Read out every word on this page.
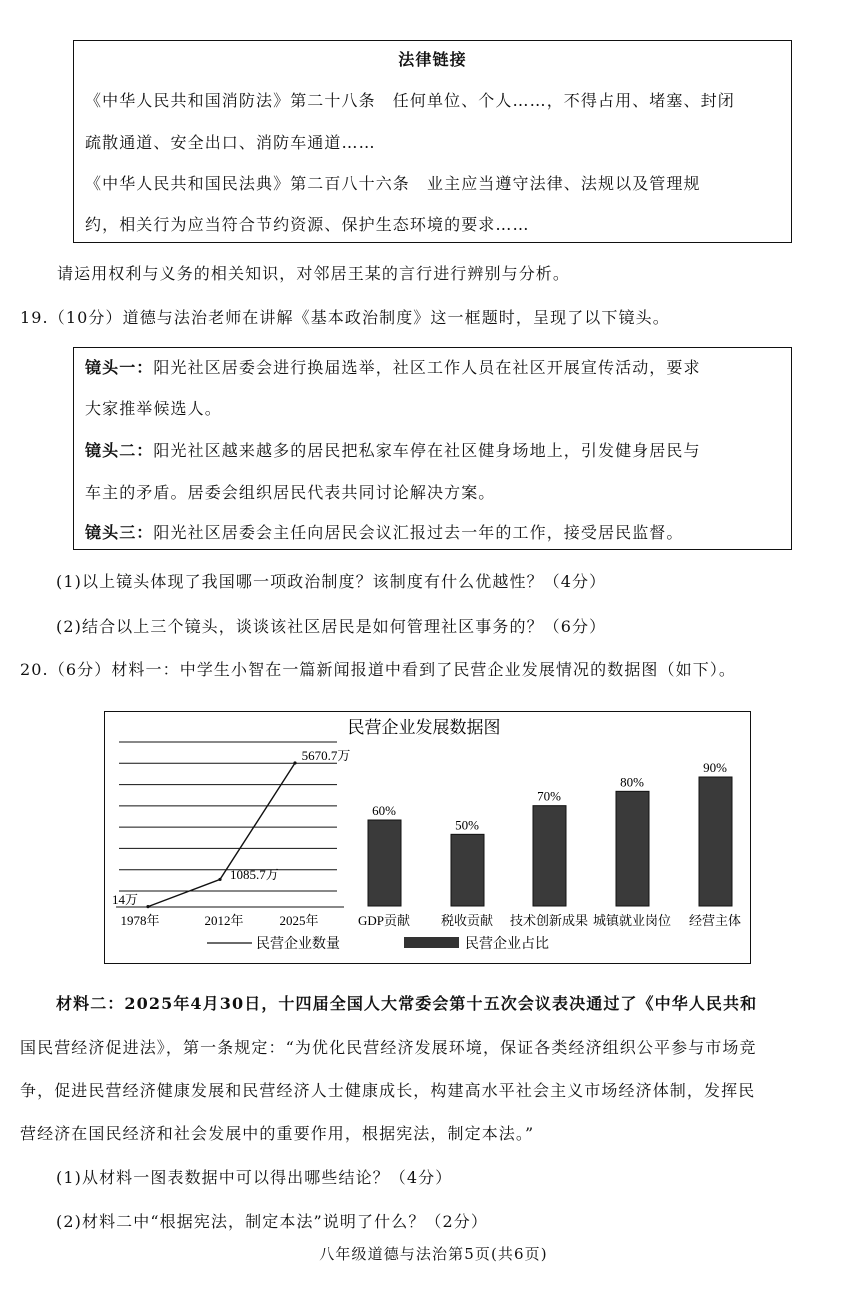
法律链接
《中华人民共和国消防法》第二十八条　任何单位、个人……，不得占用、堵塞、封闭
疏散通道、安全出口、消防车通道……
《中华人民共和国民法典》第二百八十六条　业主应当遵守法律、法规以及管理规
约，相关行为应当符合节约资源、保护生态环境的要求……
请运用权利与义务的相关知识，对邻居王某的言行进行辨别与分析。
19.（10分）道德与法治老师在讲解《基本政治制度》这一框题时，呈现了以下镜头。
镜头一：阳光社区居委会进行换届选举，社区工作人员在社区开展宣传活动，要求
大家推举候选人。
镜头二：阳光社区越来越多的居民把私家车停在社区健身场地上，引发健身居民与
车主的矛盾。居委会组织居民代表共同讨论解决方案。
镜头三：阳光社区居委会主任向居民会议汇报过去一年的工作，接受居民监督。
(1)以上镜头体现了我国哪一项政治制度？该制度有什么优越性？（4分）
(2)结合以上三个镜头，谈谈该社区居民是如何管理社区事务的？（6分）
20.（6分）材料一：中学生小智在一篇新闻报道中看到了民营企业发展情况的数据图（如下）。
民营企业发展数据图
14万
1085.7万
5670.7万
1978年	2012年	2025年
60%
GDP贡献
50%
税收贡献
70%
技术创新成果
80%
城镇就业岗位
90%
经营主体
民营企业数量	民营企业占比
材料二：2025年4月30日，十四届全国人大常委会第十五次会议表决通过了《中华人民共和
国民营经济促进法》，第一条规定：“为优化民营经济发展环境，保证各类经济组织公平参与市场竞
争，促进民营经济健康发展和民营经济人士健康成长，构建高水平社会主义市场经济体制，发挥民
营经济在国民经济和社会发展中的重要作用，根据宪法，制定本法。”
(1)从材料一图表数据中可以得出哪些结论？（4分）
(2)材料二中“根据宪法，制定本法”说明了什么？（2分）
八年级道德与法治第5页(共6页)
